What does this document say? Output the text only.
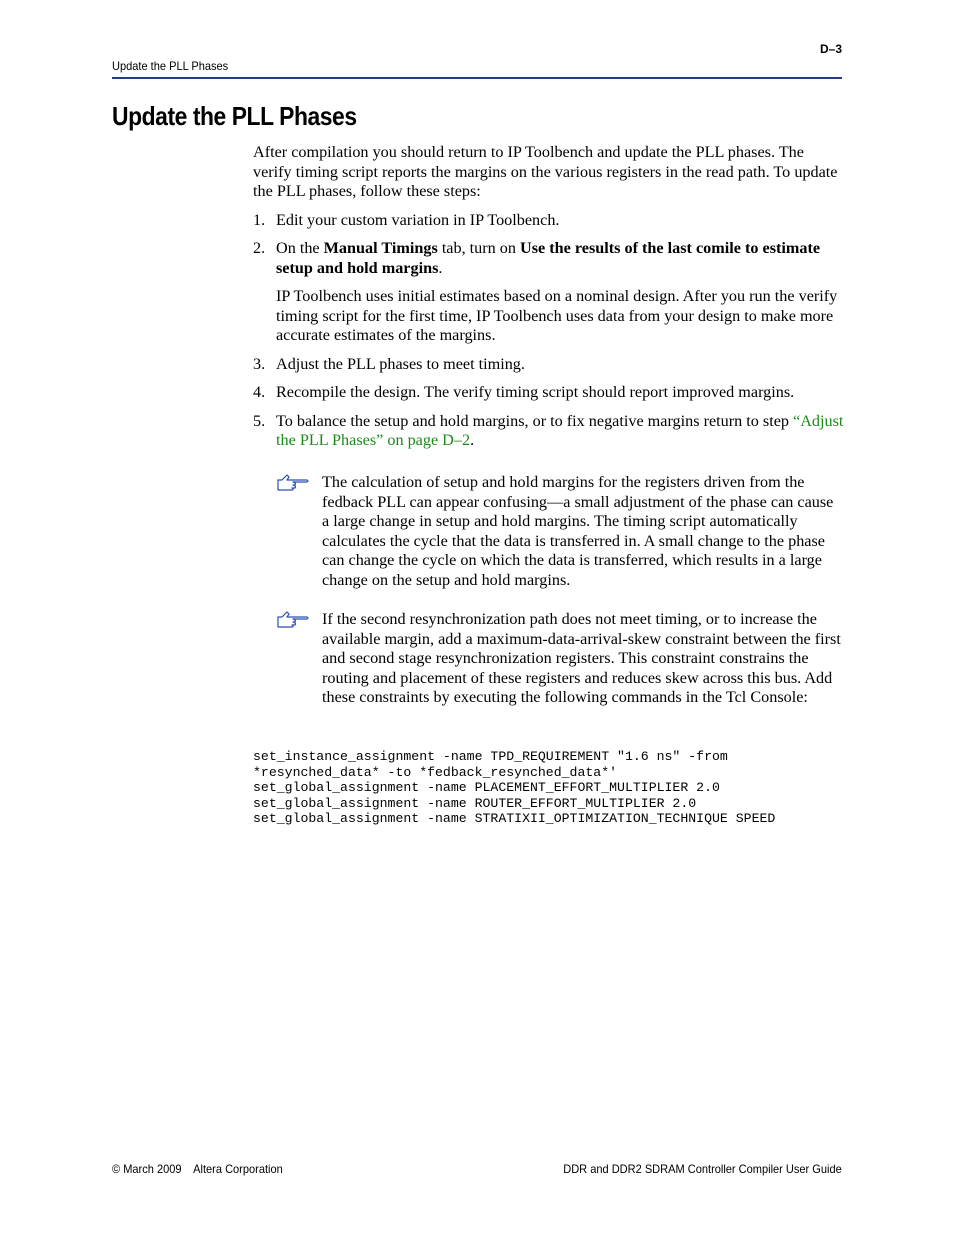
Update the PLL Phases
D–3
Update the PLL Phases

After compilation you should return to IP Toolbench and update the PLL phases. The verify timing script reports the margins on the various registers in the read path. To update the PLL phases, follow these steps:

1. Edit your custom variation in IP Toolbench.
2. On the Manual Timings tab, turn on Use the results of the last comile to estimate setup and hold margins.

IP Toolbench uses initial estimates based on a nominal design. After you run the verify timing script for the first time, IP Toolbench uses data from your design to make more accurate estimates of the margins.

3. Adjust the PLL phases to meet timing.
4. Recompile the design. The verify timing script should report improved margins.
5. To balance the setup and hold margins, or to fix negative margins return to step “Adjust the PLL Phases” on page D–2.
The calculation of setup and hold margins for the registers driven from the fedback PLL can appear confusing—a small adjustment of the phase can cause a large change in setup and hold margins. The timing script automatically calculates the cycle that the data is transferred in. A small change to the phase can change the cycle on which the data is transferred, which results in a large change on the setup and hold margins.
If the second resynchronization path does not meet timing, or to increase the available margin, add a maximum-data-arrival-skew constraint between the first and second stage resynchronization registers. This constraint constrains the routing and placement of these registers and reduces skew across this bus. Add these constraints by executing the following commands in the Tcl Console:
set_instance_assignment -name TPD_REQUIREMENT "1.6 ns" -from
*resynched_data* -to *fedback_resynched_data*'
set_global_assignment -name PLACEMENT_EFFORT_MULTIPLIER 2.0
set_global_assignment -name ROUTER_EFFORT_MULTIPLIER 2.0
set_global_assignment -name STRATIXII_OPTIMIZATION_TECHNIQUE SPEED
© March 2009    Altera Corporation	DDR and DDR2 SDRAM Controller Compiler User Guide
